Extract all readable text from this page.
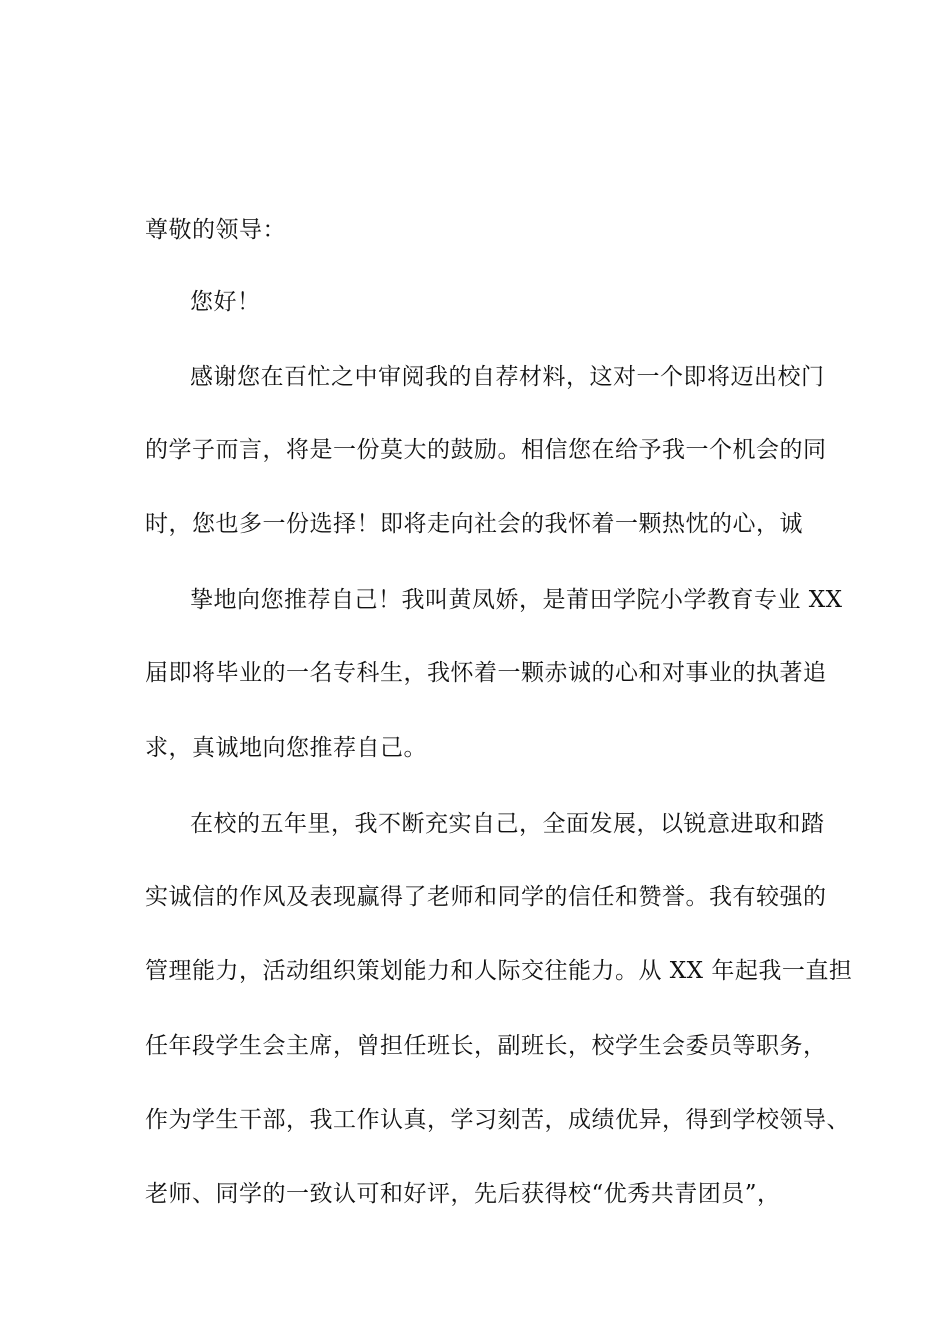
尊敬的领导：
您好！
感谢您在百忙之中审阅我的自荐材料，这对一个即将迈出校门
的学子而言，将是一份莫大的鼓励。相信您在给予我一个机会的同
时，您也多一份选择！即将走向社会的我怀着一颗热忱的心，诚
挚地向您推荐自己！我叫黄凤娇，是莆田学院小学教育专业 XX
届即将毕业的一名专科生，我怀着一颗赤诚的心和对事业的执著追
求，真诚地向您推荐自己。
在校的五年里，我不断充实自己，全面发展，以锐意进取和踏
实诚信的作风及表现赢得了老师和同学的信任和赞誉。我有较强的
管理能力，活动组织策划能力和人际交往能力。从 XX 年起我一直担
任年段学生会主席，曾担任班长，副班长，校学生会委员等职务，
作为学生干部，我工作认真，学习刻苦，成绩优异，得到学校领导、
老师、同学的一致认可和好评，先后获得校“优秀共青团员”，
